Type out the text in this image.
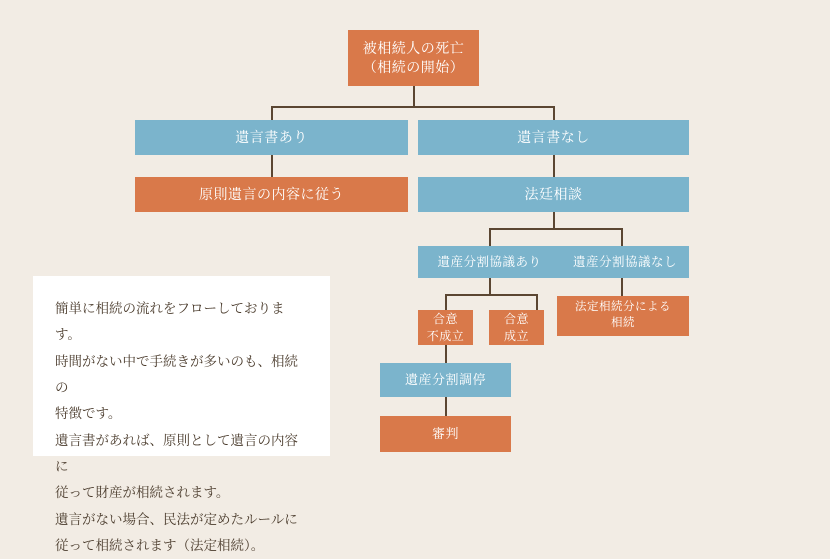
被相続人の死亡
（相続の開始）
遺言書あり	遺言書なし
原則遺言の内容に従う	法廷相談
遺産分割協議あり	遺産分割協議なし
合意
不成立
合意
成立
法定相続分による
相続
遺産分割調停
審判

簡単に相続の流れをフローしております。

時間がない中で手続きが多いのも、相続の

特徴です。

遺言書があれば、原則として遺言の内容に

従って財産が相続されます。

遺言がない場合、民法が定めたルールに

従って相続されます（法定相続）。
